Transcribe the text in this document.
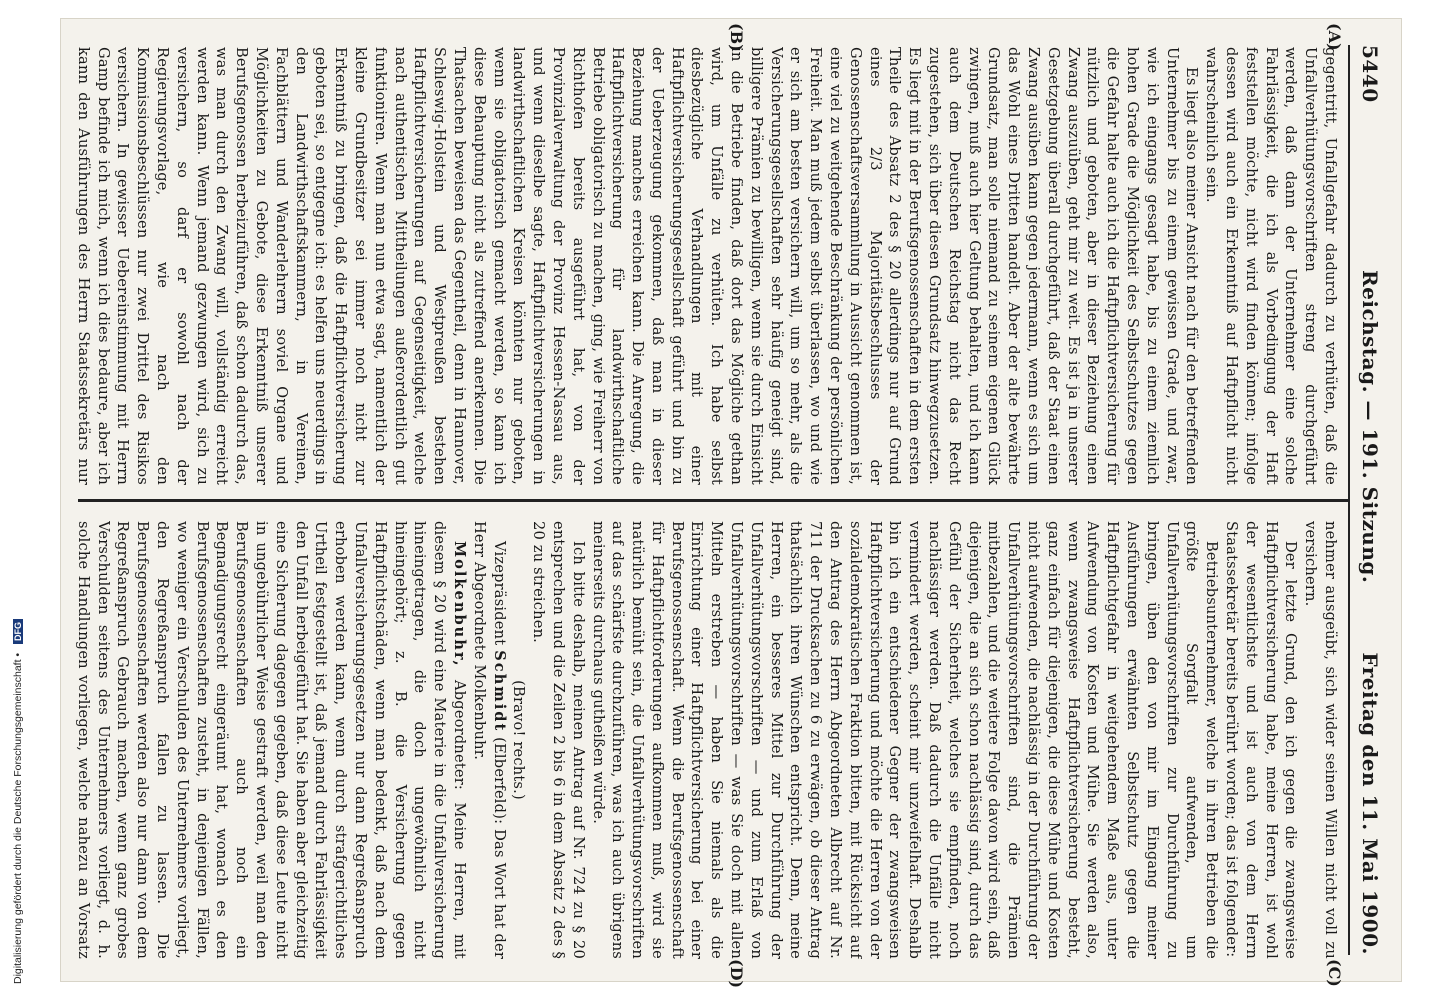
5440
Reichstag. — 191. Sitzung.
Freitag den 11. Mai 1900.
(A)
(B)
(C)
(D)

gegentritt, Unfallgefahr dadurch zu verhüten, daß die Unfallverhütungsvorschriften streng durchgeführt werden, daß dann der Unternehmer eine solche Fahrlässigkeit, die ich als Vorbedingung der Haft feststellen möchte, nicht wird finden können; infolge dessen wird auch ein Erkenntniß auf Haftpflicht nicht wahrscheinlich sein.

Es liegt also meiner Ansicht nach für den betreffenden Unternehmer bis zu einem gewissen Grade, und zwar, wie ich eingangs gesagt habe, bis zu einem ziemlich hohen Grade die Möglichkeit des Selbstschutzes gegen die Gefahr halte auch ich die Haftpflichtversicherung für nützlich und geboten, aber in dieser Beziehung einen Zwang auszuüben, geht mir zu weit. Es ist ja in unserer Gesetzgebung überall durchgeführt, daß der Staat einen Zwang ausüben kann gegen jedermann, wenn es sich um das Wohl eines Dritten handelt. Aber der alte bewährte Grundsatz, man solle niemand zu seinem eigenen Glück zwingen, muß auch hier Geltung behalten, und ich kann auch dem Deutschen Reichstag nicht das Recht zugestehen, sich über diesen Grundsatz hinwegzusetzen. Es liegt mit in der Berufsgenossenschaften in dem ersten Theile des Absatz 2 des § 20 allerdings nur auf Grund eines 2/3 Majoritätsbeschlusses der Genossenschaftsversammlung in Aussicht genommen ist, eine viel zu weitgehende Beschränkung der persönlichen Freiheit. Man muß jedem selbst überlassen, wo und wie er sich am besten versichern will, um so mehr, als die Versicherungsgesellschaften sehr häufig geneigt sind, billigere Prämien zu bewilligen, wenn sie durch Einsicht in die Betriebe finden, daß dort das Mögliche gethan wird, um Unfälle zu verhüten. Ich habe selbst diesbezügliche Verhandlungen mit einer Haftpflichtversicherungsgesellschaft geführt und bin zu der Ueberzeugung gekommen, daß man in dieser Beziehung manches erreichen kann. Die Anregung, die Haftpflichtversicherung für landwirthschaftliche Betriebe obligatorisch zu machen, ging, wie Freiherr von Richthofen bereits ausgeführt hat, von der Provinzialverwaltung der Provinz Hessen-Nassau aus, und wenn dieselbe sagte, Haftpflichtversicherungen in landwirthschaftlichen Kreisen könnten nur geboten, wenn sie obligatorisch gemacht werden, so kann ich diese Behauptung nicht als zutreffend anerkennen. Die Thatsachen beweisen das Gegentheil, denn in Hannover, Schleswig-Holstein und Westpreußen bestehen Haftpflichtversicherungen auf Gegenseitigkeit, welche nach authentischen Mittheilungen außerordentlich gut funktioniren. Wenn man nun etwa sagt, namentlich der kleine Grundbesitzer sei immer noch nicht zur Erkenntniß zu bringen, daß die Haftpflichtversicherung geboten sei, so entgegne ich: es helfen uns neuerdings in den Landwirthschaftskammern, in Vereinen, Fachblättern und Wanderlehrern soviel Organe und Möglichkeiten zu Gebote, diese Erkenntniß unserer Berufsgenossen herbeizuführen, daß schon dadurch das, was man durch den Zwang will, vollständig erreicht werden kann. Wenn jemand gezwungen wird, sich zu versichern, so darf er sowohl nach der Regierungsvorlage, wie nach den Kommissionsbeschlüssen nur zwei Drittel des Risikos versichern. In gewisser Uebereinstimmung mit Herrn Gamp befinde ich mich, wenn ich dies bedaure, aber ich kann den Ausführungen des Herrn Staatssekretärs nur

nehmer ausgeübt, sich wider seinen Willen nicht voll zu versichern.

Der letzte Grund, den ich gegen die zwangsweise Haftpflichtversicherung habe, meine Herren, ist wohl der wesentlichste und ist auch von dem Herrn Staatssekretär bereits berührt worden; das ist folgender:

Betriebsunternehmer, welche in ihren Betrieben die größte Sorgfalt aufwenden, um Unfallverhütungsvorschriften zur Durchführung zu bringen, üben den von mir im Eingang meiner Ausführungen erwähnten Selbstschutz gegen die Haftpflichtgefahr in weitgehendem Maße aus, unter Aufwendung von Kosten und Mühe. Sie werden also, wenn zwangsweise Haftpflichtversicherung besteht, ganz einfach für diejenigen, die diese Mühe und Kosten nicht aufwenden, die nachlässig in der Durchführung der Unfallverhütungsvorschriften sind, die Prämien mitbezahlen, und die weitere Folge davon wird sein, daß diejenigen, die an sich schon nachlässig sind, durch das Gefühl der Sicherheit, welches sie empfinden, noch nachlässiger werden. Daß dadurch die Unfälle nicht vermindert werden, scheint mir unzweifelhaft. Deshalb bin ich ein entschiedener Gegner der zwangsweisen Haftpflichtversicherung und möchte die Herren von der sozialdemokratischen Fraktion bitten, mit Rücksicht auf den Antrag des Herrn Abgeordneten Albrecht auf Nr. 711 der Drucksachen zu 6 zu erwägen, ob dieser Antrag thatsächlich ihren Wünschen entspricht. Denn, meine Herren, ein besseres Mittel zur Durchführung der Unfallverhütungsvorschriften — und zum Erlaß von Unfallverhütungsvorschriften — was Sie doch mit allen Mitteln erstreben — haben Sie niemals als die Einrichtung einer Haftpflichtversicherung bei einer Berufsgenossenschaft. Wenn die Berufsgenossenschaft für Haftpflichtforderungen aufkommen muß, wird sie natürlich bemüht sein, die Unfallverhütungsvorschriften auf das schärfste durchzuführen, was ich auch übrigens meinerseits durchaus gutheißen würde.

Ich bitte deshalb, meinen Antrag auf Nr. 724 zu § 20 entsprechen und die Zeilen 2 bis 6 in dem Absatz 2 des § 20 zu streichen.

(Bravo! rechts.)

Vizepräsident Schmidt (Elberfeld): Das Wort hat der Herr Abgeordnete Molkenbuhr.

Molkenbuhr, Abgeordneter: Meine Herren, mit diesem § 20 wird eine Materie in die Unfallversicherung hineingetragen, die doch ungewöhnlich nicht hineingehört; z. B. die Versicherung gegen Haftpflichtschäden, wenn man bedenkt, daß nach dem Unfallversicherungsgesetzen nur dann Regreßanspruch erhoben werden kann, wenn durch strafgerichtliches Urtheil festgestellt ist, daß jemand durch Fahrlässigkeit den Unfall herbeigeführt hat. Sie haben aber gleichzeitig eine Sicherung dagegen gegeben, daß diese Leute nicht in ungebührlicher Weise gestraft werden, weil man den Berufsgenossenschaften auch noch ein Begnadigungsrecht eingeräumt hat, wonach es den Berufsgenossenschaften zusteht, in denjenigen Fällen, wo weniger ein Verschulden des Unternehmers vorliegt, den Regreßanspruch fallen zu lassen. Die Berufsgenossenschaften werden also nur dann von dem Regreßanspruch Gebrauch machen, wenn ganz grobes Verschulden seitens des Unternehmers vorliegt, d. h. solche Handlungen vorliegen, welche nahezu an Vorsatz

Digitalisierung gefördert durch die Deutsche Forschungsgemeinschaft • DFG
